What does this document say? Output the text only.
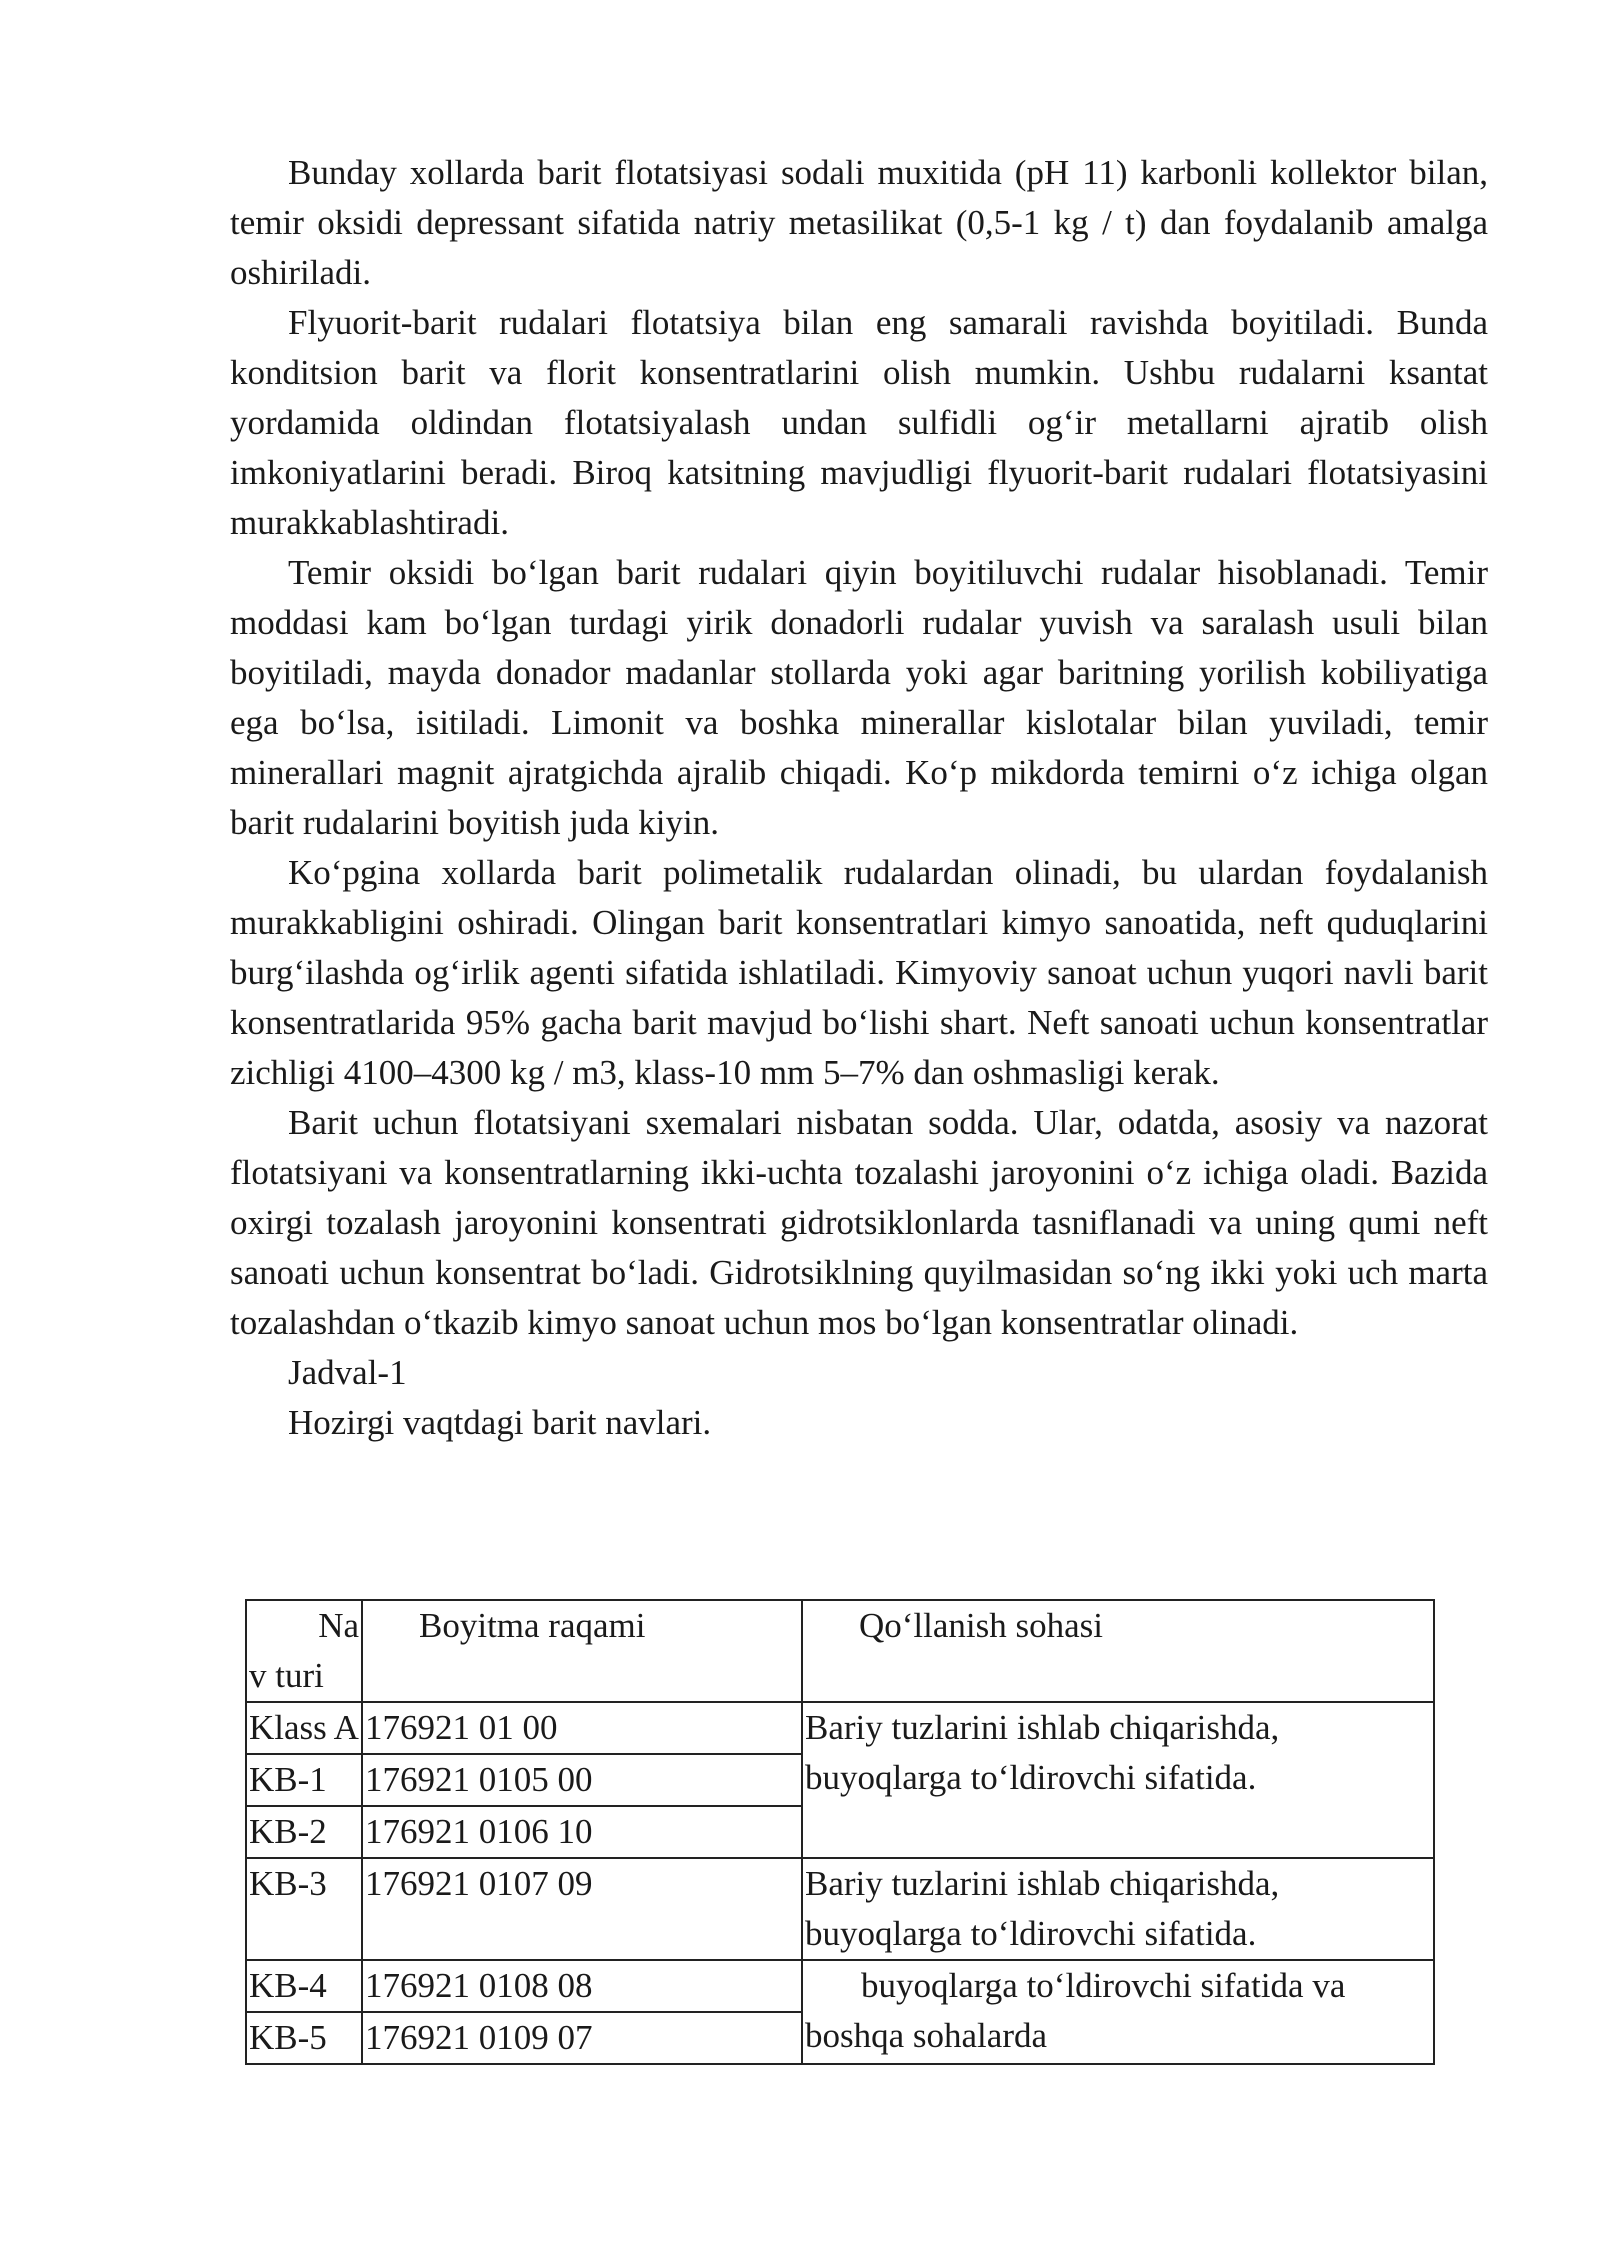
Bunday xollarda barit flotatsiyasi sodali muxitida (pH 11) karbonli kollektor bilan, temir oksidi depressant sifatida natriy metasilikat (0,5-1 kg / t) dan foydalanib amalga oshiriladi.

Flyuorit-barit rudalari flotatsiya bilan eng samarali ravishda boyitiladi. Bunda konditsion barit va florit konsentratlarini olish mumkin. Ushbu rudalarni ksantat yordamida oldindan flotatsiyalash undan sulfidli og‘ir metallarni ajratib olish imkoniyatlarini beradi. Biroq katsitning mavjudligi flyuorit-barit rudalari flotatsiyasini murakkablashtiradi.

Temir oksidi bo‘lgan barit rudalari qiyin boyitiluvchi rudalar hisoblanadi. Temir moddasi kam bo‘lgan turdagi yirik donadorli rudalar yuvish va saralash usuli bilan boyitiladi, mayda donador madanlar stollarda yoki agar baritning yorilish kobiliyatiga ega bo‘lsa, isitiladi. Limonit va boshka minerallar kislotalar bilan yuviladi, temir minerallari magnit ajratgichda ajralib chiqadi. Ko‘p mikdorda temirni o‘z ichiga olgan barit rudalarini boyitish juda kiyin.

Ko‘pgina xollarda barit polimetalik rudalardan olinadi, bu ulardan foydalanish murakkabligini oshiradi. Olingan barit konsentratlari kimyo sanoatida, neft quduqlarini burg‘ilashda og‘irlik agenti sifatida ishlatiladi. Kimyoviy sanoat uchun yuqori navli barit konsentratlarida 95% gacha barit mavjud bo‘lishi shart. Neft sanoati uchun konsentratlar zichligi 4100–4300 kg / m3, klass-10 mm 5–7% dan oshmasligi kerak.

Barit uchun flotatsiyani sxemalari nisbatan sodda. Ular, odatda, asosiy va nazorat flotatsiyani va konsentratlarning ikki-uchta tozalashi jaroyonini o‘z ichiga oladi. Bazida oxirgi tozalash jaroyonini konsentrati gidrotsiklonlarda tasniflanadi va uning qumi neft sanoati uchun konsentrat bo‘ladi. Gidrotsiklning quyilmasidan so‘ng ikki yoki uch marta tozalashdan o‘tkazib kimyo sanoat uchun mos bo‘lgan konsentratlar olinadi.

Jadval-1
Hozirgi vaqtdagi barit navlari.
Na
v turi	Boyitma raqami	Qo‘llanish sohasi
Klass A	176921 01 00	Bariy tuzlarini ishlab chiqarishda, buyoqlarga to‘ldirovchi sifatida.

KB-1	176921 0105 00	
KB-2	176921 0106 10	
KB-3	176921 0107 09	Bariy tuzlarini ishlab chiqarishda, buyoqlarga to‘ldirovchi sifatida.

KB-4	176921 0108 08	buyoqlarga to‘ldirovchi sifatida va boshqa sohalarda

KB-5	176921 0109 07	
